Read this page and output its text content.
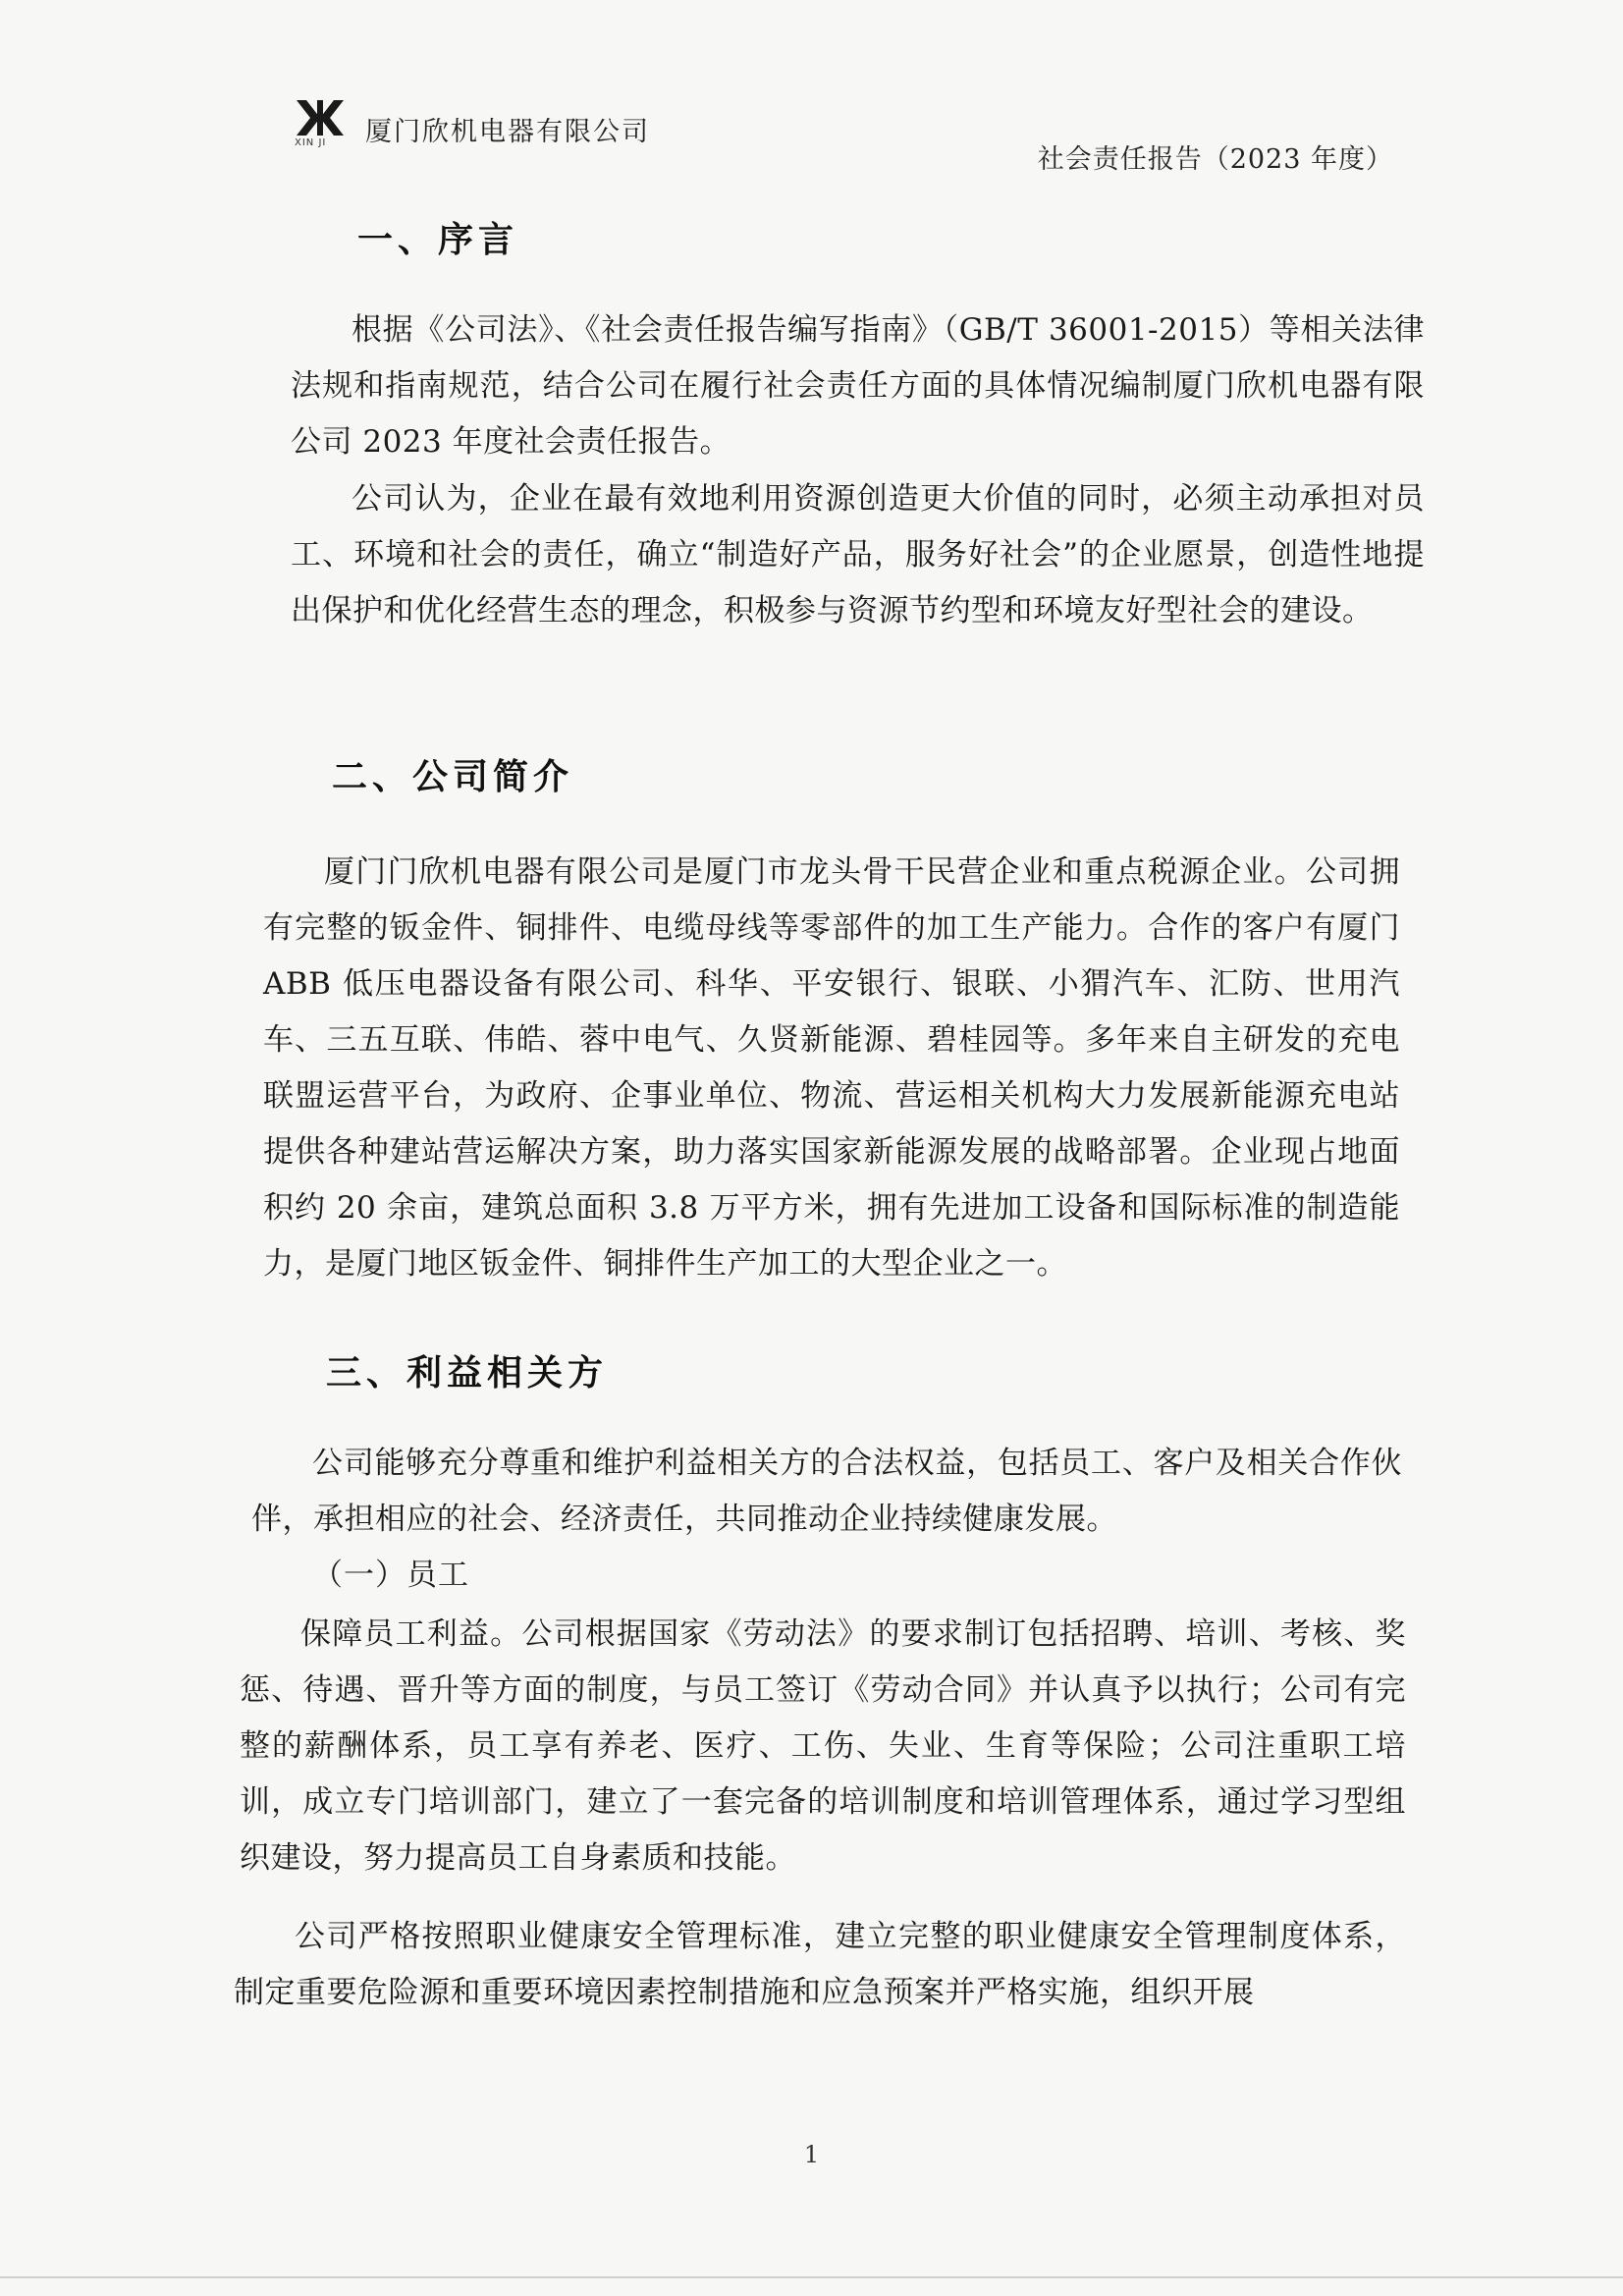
XIN JI 厦门欣机电器有限公司
社会责任报告（2023 年度）
一、序言

根据《公司法》、《社会责任报告编写指南》（GB/T 36001-2015）等相关法律法规和指南规范，结合公司在履行社会责任方面的具体情况编制厦门欣机电器有限公司 2023 年度社会责任报告。

公司认为，企业在最有效地利用资源创造更大价值的同时，必须主动承担对员工、环境和社会的责任，确立“制造好产品，服务好社会”的企业愿景，创造性地提出保护和优化经营生态的理念，积极参与资源节约型和环境友好型社会的建设。

二、公司简介

厦门门欣机电器有限公司是厦门市龙头骨干民营企业和重点税源企业。公司拥有完整的钣金件、铜排件、电缆母线等零部件的加工生产能力。合作的客户有厦门 ABB 低压电器设备有限公司、科华、平安银行、银联、小猬汽车、汇防、世用汽车、三五互联、伟皓、蓉中电气、久贤新能源、碧桂园等。多年来自主研发的充电联盟运营平台，为政府、企事业单位、物流、营运相关机构大力发展新能源充电站提供各种建站营运解决方案，助力落实国家新能源发展的战略部署。企业现占地面积约 20 余亩，建筑总面积 3.8 万平方米，拥有先进加工设备和国际标准的制造能力，是厦门地区钣金件、铜排件生产加工的大型企业之一。

三、利益相关方

公司能够充分尊重和维护利益相关方的合法权益，包括员工、客户及相关合作伙伴，承担相应的社会、经济责任，共同推动企业持续健康发展。

（一）员工

保障员工利益。公司根据国家《劳动法》的要求制订包括招聘、培训、考核、奖惩、待遇、晋升等方面的制度，与员工签订《劳动合同》并认真予以执行；公司有完整的薪酬体系，员工享有养老、医疗、工伤、失业、生育等保险；公司注重职工培训，成立专门培训部门，建立了一套完备的培训制度和培训管理体系，通过学习型组织建设，努力提高员工自身素质和技能。

公司严格按照职业健康安全管理标准，建立完整的职业健康安全管理制度体系，制定重要危险源和重要环境因素控制措施和应急预案并严格实施，组织开展

1
